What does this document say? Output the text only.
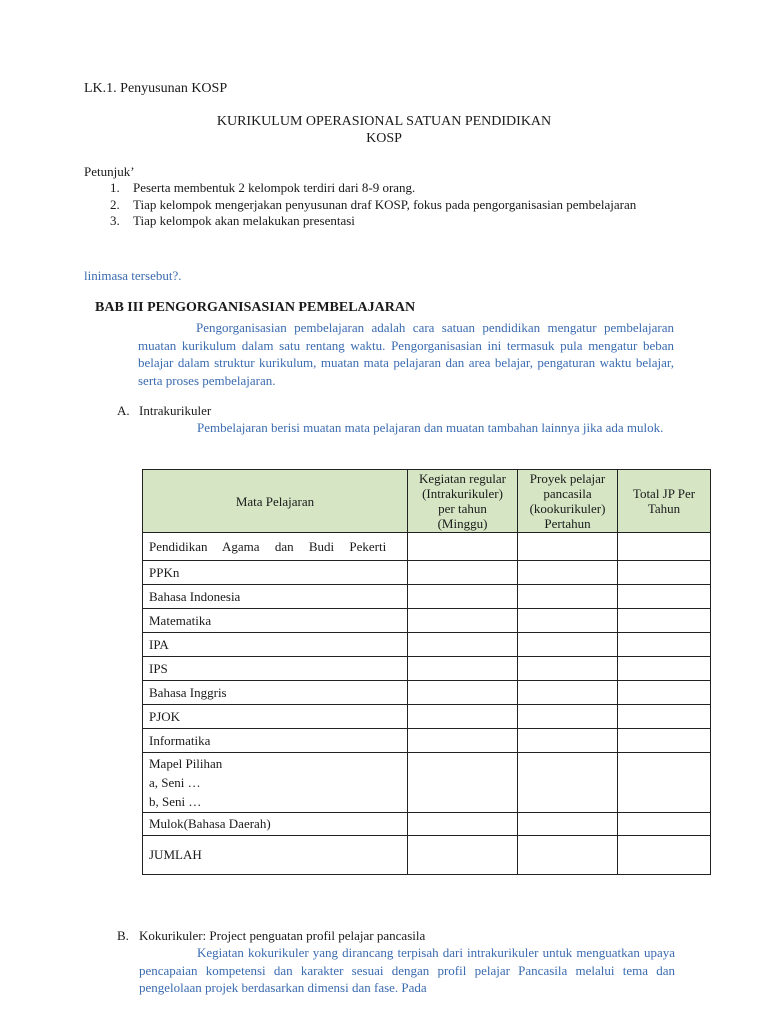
LK.1. Penyusunan KOSP
KURIKULUM OPERASIONAL SATUAN PENDIDIKAN
KOSP
Petunjuk’
1. Peserta membentuk 2 kelompok terdiri dari 8-9 orang.
2. Tiap kelompok mengerjakan penyusunan draf KOSP, fokus pada pengorganisasian pembelajaran
3. Tiap kelompok akan melakukan presentasi
linimasa tersebut?.
BAB III PENGORGANISASIAN PEMBELAJARAN
Pengorganisasian pembelajaran adalah cara satuan pendidikan mengatur pembelajaran muatan kurikulum dalam satu rentang waktu. Pengorganisasian ini termasuk pula mengatur beban belajar dalam struktur kurikulum, muatan mata pelajaran dan area belajar, pengaturan waktu belajar, serta proses pembelajaran.
A. Intrakurikuler
Pembelajaran berisi muatan mata pelajaran dan muatan tambahan lainnya jika ada mulok.
Mata Pelajaran	Kegiatan regular (Intrakurikuler) per tahun (Minggu)	Proyek pelajar pancasila (kookurikuler) Pertahun	Total JP Per Tahun
Pendidikan Agama dan Budi Pekerti			
PPKn			
Bahasa Indonesia			
Matematika			
IPA			
IPS			
Bahasa Inggris			
PJOK			
Informatika			

Mapel Pilihan
a, Seni …
b, Seni …			

Mulok(Bahasa Daerah)			
JUMLAH			
B. Kokurikuler: Project penguatan profil pelajar pancasila
Kegiatan kokurikuler yang dirancang terpisah dari intrakurikuler untuk menguatkan upaya pencapaian kompetensi dan karakter sesuai dengan profil pelajar Pancasila melalui tema dan pengelolaan projek berdasarkan dimensi dan fase. Pada
